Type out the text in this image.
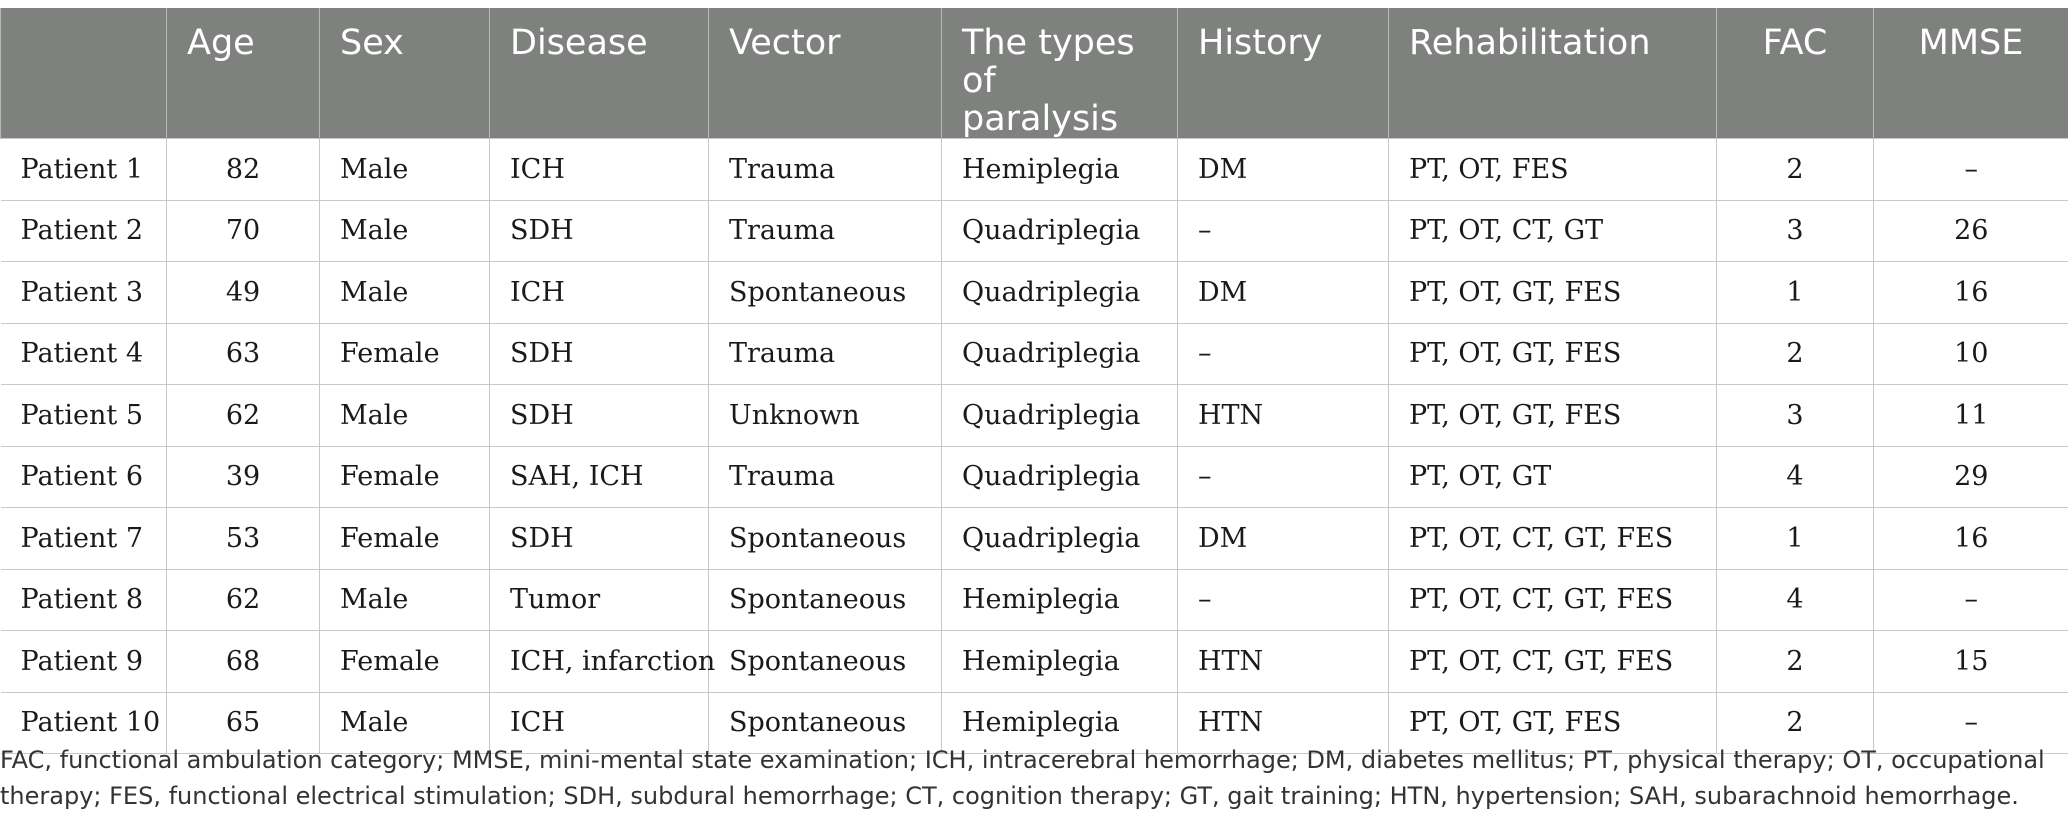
	Age	Sex	Disease	Vector	The types of paralysis	History	Rehabilitation	FAC	MMSE
Patient 1	82	Male	ICH	Trauma	Hemiplegia	DM	PT, OT, FES	2	–
Patient 2	70	Male	SDH	Trauma	Quadriplegia	–	PT, OT, CT, GT	3	26
Patient 3	49	Male	ICH	Spontaneous	Quadriplegia	DM	PT, OT, GT, FES	1	16
Patient 4	63	Female	SDH	Trauma	Quadriplegia	–	PT, OT, GT, FES	2	10
Patient 5	62	Male	SDH	Unknown	Quadriplegia	HTN	PT, OT, GT, FES	3	11
Patient 6	39	Female	SAH, ICH	Trauma	Quadriplegia	–	PT, OT, GT	4	29
Patient 7	53	Female	SDH	Spontaneous	Quadriplegia	DM	PT, OT, CT, GT, FES	1	16
Patient 8	62	Male	Tumor	Spontaneous	Hemiplegia	–	PT, OT, CT, GT, FES	4	–
Patient 9	68	Female	ICH, infarction	Spontaneous	Hemiplegia	HTN	PT, OT, CT, GT, FES	2	15
Patient 10	65	Male	ICH	Spontaneous	Hemiplegia	HTN	PT, OT, GT, FES	2	–

FAC, functional ambulation category; MMSE, mini-mental state examination; ICH, intracerebral hemorrhage; DM, diabetes mellitus; PT, physical therapy; OT, occupational therapy; FES, functional electrical stimulation; SDH, subdural hemorrhage; CT, cognition therapy; GT, gait training; HTN, hypertension; SAH, subarachnoid hemorrhage.
